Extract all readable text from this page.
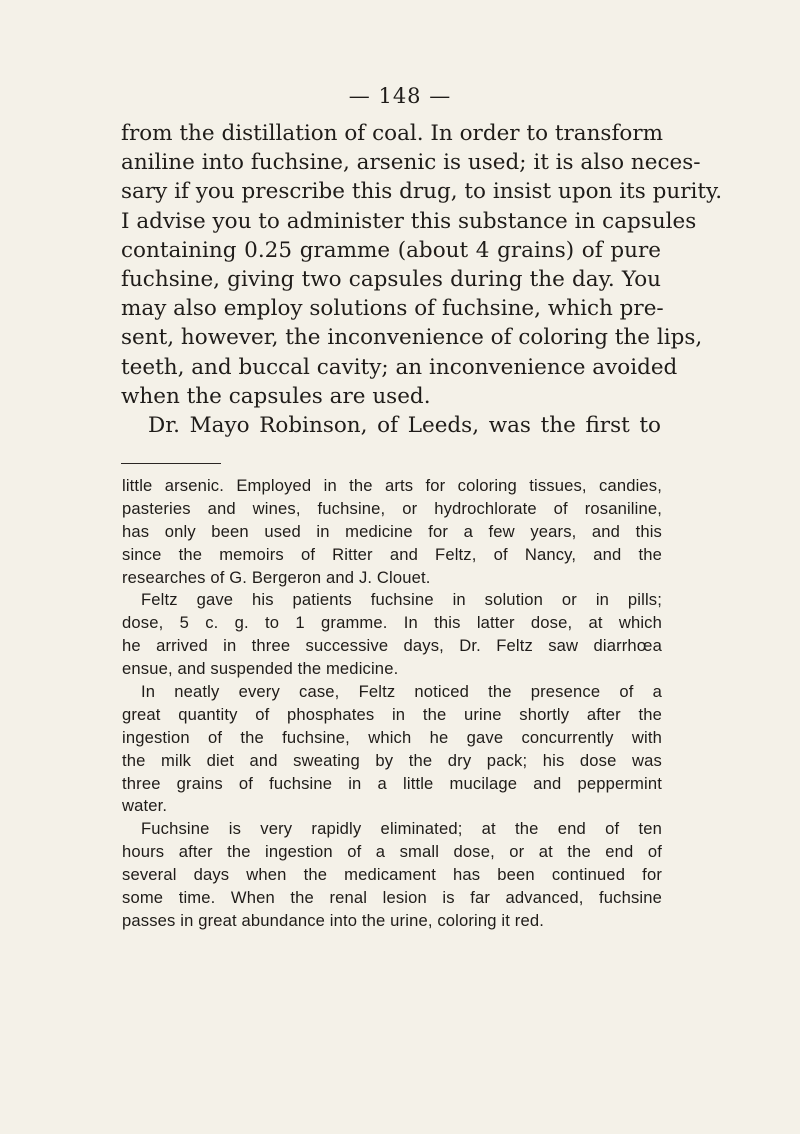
— 148 —
from the distillation of coal. In order to transform
aniline into fuchsine, arsenic is used; it is also neces-
sary if you prescribe this drug, to insist upon its purity.
I advise you to administer this substance in capsules
containing 0.25 gramme (about 4 grains) of pure
fuchsine, giving two capsules during the day. You
may also employ solutions of fuchsine, which pre-
sent, however, the inconvenience of coloring the lips,
teeth, and buccal cavity; an inconvenience avoided
when the capsules are used.
Dr. Mayo Robinson, of Leeds, was the first to
little arsenic. Employed in the arts for coloring tissues, candies,
pasteries and wines, fuchsine, or hydrochlorate of rosaniline,
has only been used in medicine for a few years, and this
since the memoirs of Ritter and Feltz, of Nancy, and the
researches of G. Bergeron and J. Clouet.
Feltz gave his patients fuchsine in solution or in pills;
dose, 5 c. g. to 1 gramme. In this latter dose, at which
he arrived in three successive days, Dr. Feltz saw diarrhœa
ensue, and suspended the medicine.
In neatly every case, Feltz noticed the presence of a
great quantity of phosphates in the urine shortly after the
ingestion of the fuchsine, which he gave concurrently with
the milk diet and sweating by the dry pack; his dose was
three grains of fuchsine in a little mucilage and peppermint
water.
Fuchsine is very rapidly eliminated; at the end of ten
hours after the ingestion of a small dose, or at the end of
several days when the medicament has been continued for
some time. When the renal lesion is far advanced, fuchsine
passes in great abundance into the urine, coloring it red.
